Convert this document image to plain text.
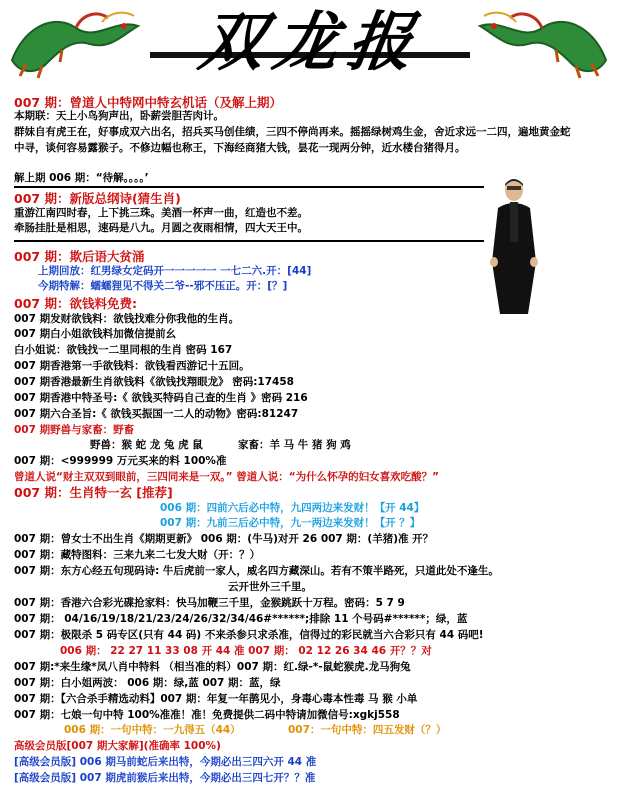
双龙报
007 期：曾道人中特网中特玄机话（及解上期）
本期联：天上小鸟狗声出，卧薪尝胆苦肉计。
群妹自有虎王在，好事成双六出名，招兵买马创佳绩，三四不停尚再来。摇摇绿树鸡生金，舍近求远一二四，遍地黄金蛇中寻，谈何容易露猴子。不修边幅也称王，下海经商猪大钱，昙花一现两分钟，近水楼台猪得月。
解上期 006 期：“待解。。。。’
007 期：新版总纲诗(猜生肖)
重游江南四时春，上下挑三珠。美酒一杯声一曲，红造也不差。
牵肠挂肚是相思，速码是八九。月圆之夜雨相情，四大天王中。
007 期：欺后语大贫涌
上期回放：红男绿女定码开一一一一一 一七二六.开：[44]
今期特解：蠕蠕狸见不得关二爷--邪不压正。开：[？]
007 期：欲钱料免费:
007 期发财欲钱料：欲钱找难分你我他的生肖。
007 期白小姐欲钱料加微信提前幺
白小姐说：欲钱找一二里同根的生肖 密码 167
007 期香港第一手欲钱料：欲钱看西游记十五回。
007 期香港最新生肖欲钱料《欲钱找翔眼龙》 密码:17458
007 期香港中特圣号:《 欲钱买特码自己查的生肖 》密码 216
007 期六合圣旨:《 欲钱买振国一二人的动物》密码:81247
007 期野兽与家畜：野畜
野兽：猴 蛇 龙 兔 虎 鼠	家畜：羊 马 牛 猪 狗 鸡
007 期：<999999 万元买来的料 100%准
曾道人说“财主双双到眼前，三四同来是一双。” 曾道人说：“为什么怀孕的妇女喜欢吃酸？”
007 期：生肖特一玄 [推荐]
006 期：四前六后必中特，九四两边来发财！【开 44】
007 期：九前三后必中特，九一两边来发财！【开 ？】
007 期：曾女士不出生肖《期期更新》 006 期：(牛马)对开 26 007 期：(羊猪)准 开？
007 期：藏特图料：三来九来二七发大财（开：？）
007 期：东方心经五句现码诗: 牛后虎前一家人，威名四方藏深山。若有不策半路死，只道此处不逢生。
云开世外三千里。
007 期：香港六合彩光碟抢家料：快马加鞭三千里，金猴跳跃十万程。密码：5 7 9
007 期： 04/16/19/18/21/23/24/26/32/34/46#******;排除 11 个号码#******；绿，蓝
007 期：极限杀 5 码专区(只有 44 码) 不来杀参只求杀准，信得过的彩民就当六合彩只有 44 码吧!
006 期： 22 27 11 33 08 开 44 准 007 期： 02 12 26 34 46 开？？对
007 期:*来生缘*凤八肖中特料 （相当准的料）007 期：红.绿-*-鼠蛇猴虎.龙马狗兔
007 期：白小姐两波： 006 期：绿,蓝 007 期：蓝，绿
007 期：【六合杀手精选动料】007 期：年复一年鹊见小，身毒心毒本性毒 马 猴 小单
007 期：七娘一句中特 100%准准！准！免费提供二码中特请加微信号:xgkj558
006 期：一句中特：一九得五（44）	007：一句中特：四五发财（？）
高级会员版[007 期大家解](准确率 100%)
[高级会员版] 006 期马前蛇后来出特，今期必出三四六开 44 准
[高级会员版] 007 期虎前猴后来出特，今期必出三四七开？？准
